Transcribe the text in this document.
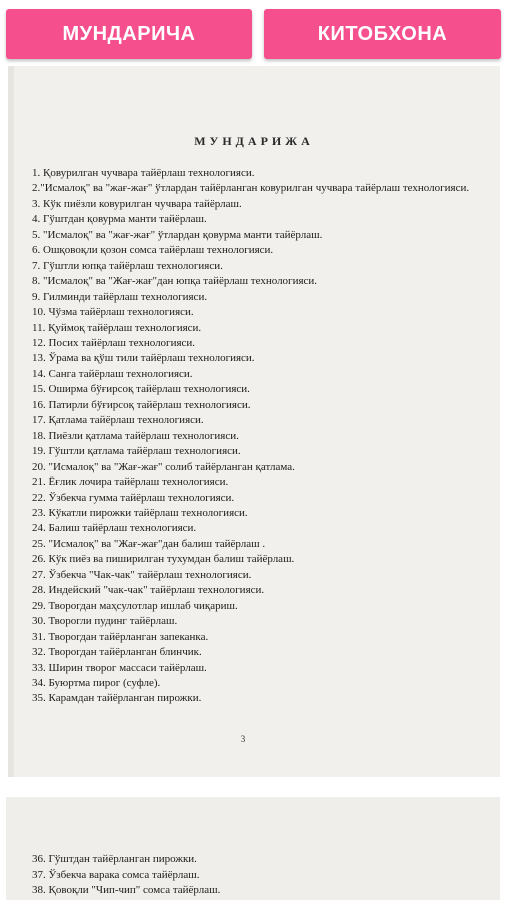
МУНДАРИЧА	КИТОБХОНА
МУНДАРИЖА
1. Қовурилган чучвара тайёрлаш технологияси.
2."Исмалоқ" ва "жағ-жағ" ўтлардан тайёрланган ковурилган чучвара тайёрлаш технологияси.
3. Кўк пиёзли ковурилган чучвара тайёрлаш.
4. Гўштдан қовурма манти тайёрлаш.
5. "Исмалоқ" ва "жағ-жағ" ўтлардан қовурма манти тайёрлаш.
6. Ошқовоқли қозон сомса тайёрлаш технологияси.
7. Гўштли юпқа тайёрлаш технологияси.
8. "Исмалоқ" ва "Жағ-жағ"дан юпқа тайёрлаш технологияси.
9. Гилминди тайёрлаш технологияси.
10. Чўзма тайёрлаш технологияси.
11. Қуймоқ тайёрлаш технологияси.
12. Посих тайёрлаш технологияси.
13. Ўрама ва қўш тили тайёрлаш технологияси.
14. Санга тайёрлаш технологияси.
15. Оширма бўғирсоқ тайёрлаш технологияси.
16. Патирли бўғирсоқ тайёрлаш технологияси.
17. Қатлама тайёрлаш технологияси.
18. Пиёзли қатлама тайёрлаш технологияси.
19. Гўштли қатлама тайёрлаш технологияси.
20. "Исмалоқ" ва "Жағ-жағ" солиб тайёрланган қатлама.
21. Ёғлик лочира тайёрлаш технологияси.
22. Ўзбекча гумма тайёрлаш технологияси.
23. Кўкатли пирожки тайёрлаш технологияси.
24. Балиш тайёрлаш технологияси.
25. "Исмалоқ" ва "Жағ-жағ"дан балиш тайёрлаш .
26. Кўк пиёз ва пиширилган тухумдан балиш тайёрлаш.
27. Ўзбекча "Чак-чак" тайёрлаш технологияси.
28. Индейский "чак-чак" тайёрлаш технологияси.
29. Творогдан маҳсулотлар ишлаб чиқариш.
30. Творогли пудинг тайёрлаш.
31. Творогдан тайёрланган запеканка.
32. Творогдан тайёрланган блинчик.
33. Ширин творог массаси тайёрлаш.
34. Буюртма пирог (суфле).
35. Карамдан тайёрланган пирожки.
3
36. Гўштдан тайёрланган пирожки.
37. Ўзбекча варака сомса тайёрлаш.
38. Қовоқли "Чип-чип" сомса тайёрлаш.
